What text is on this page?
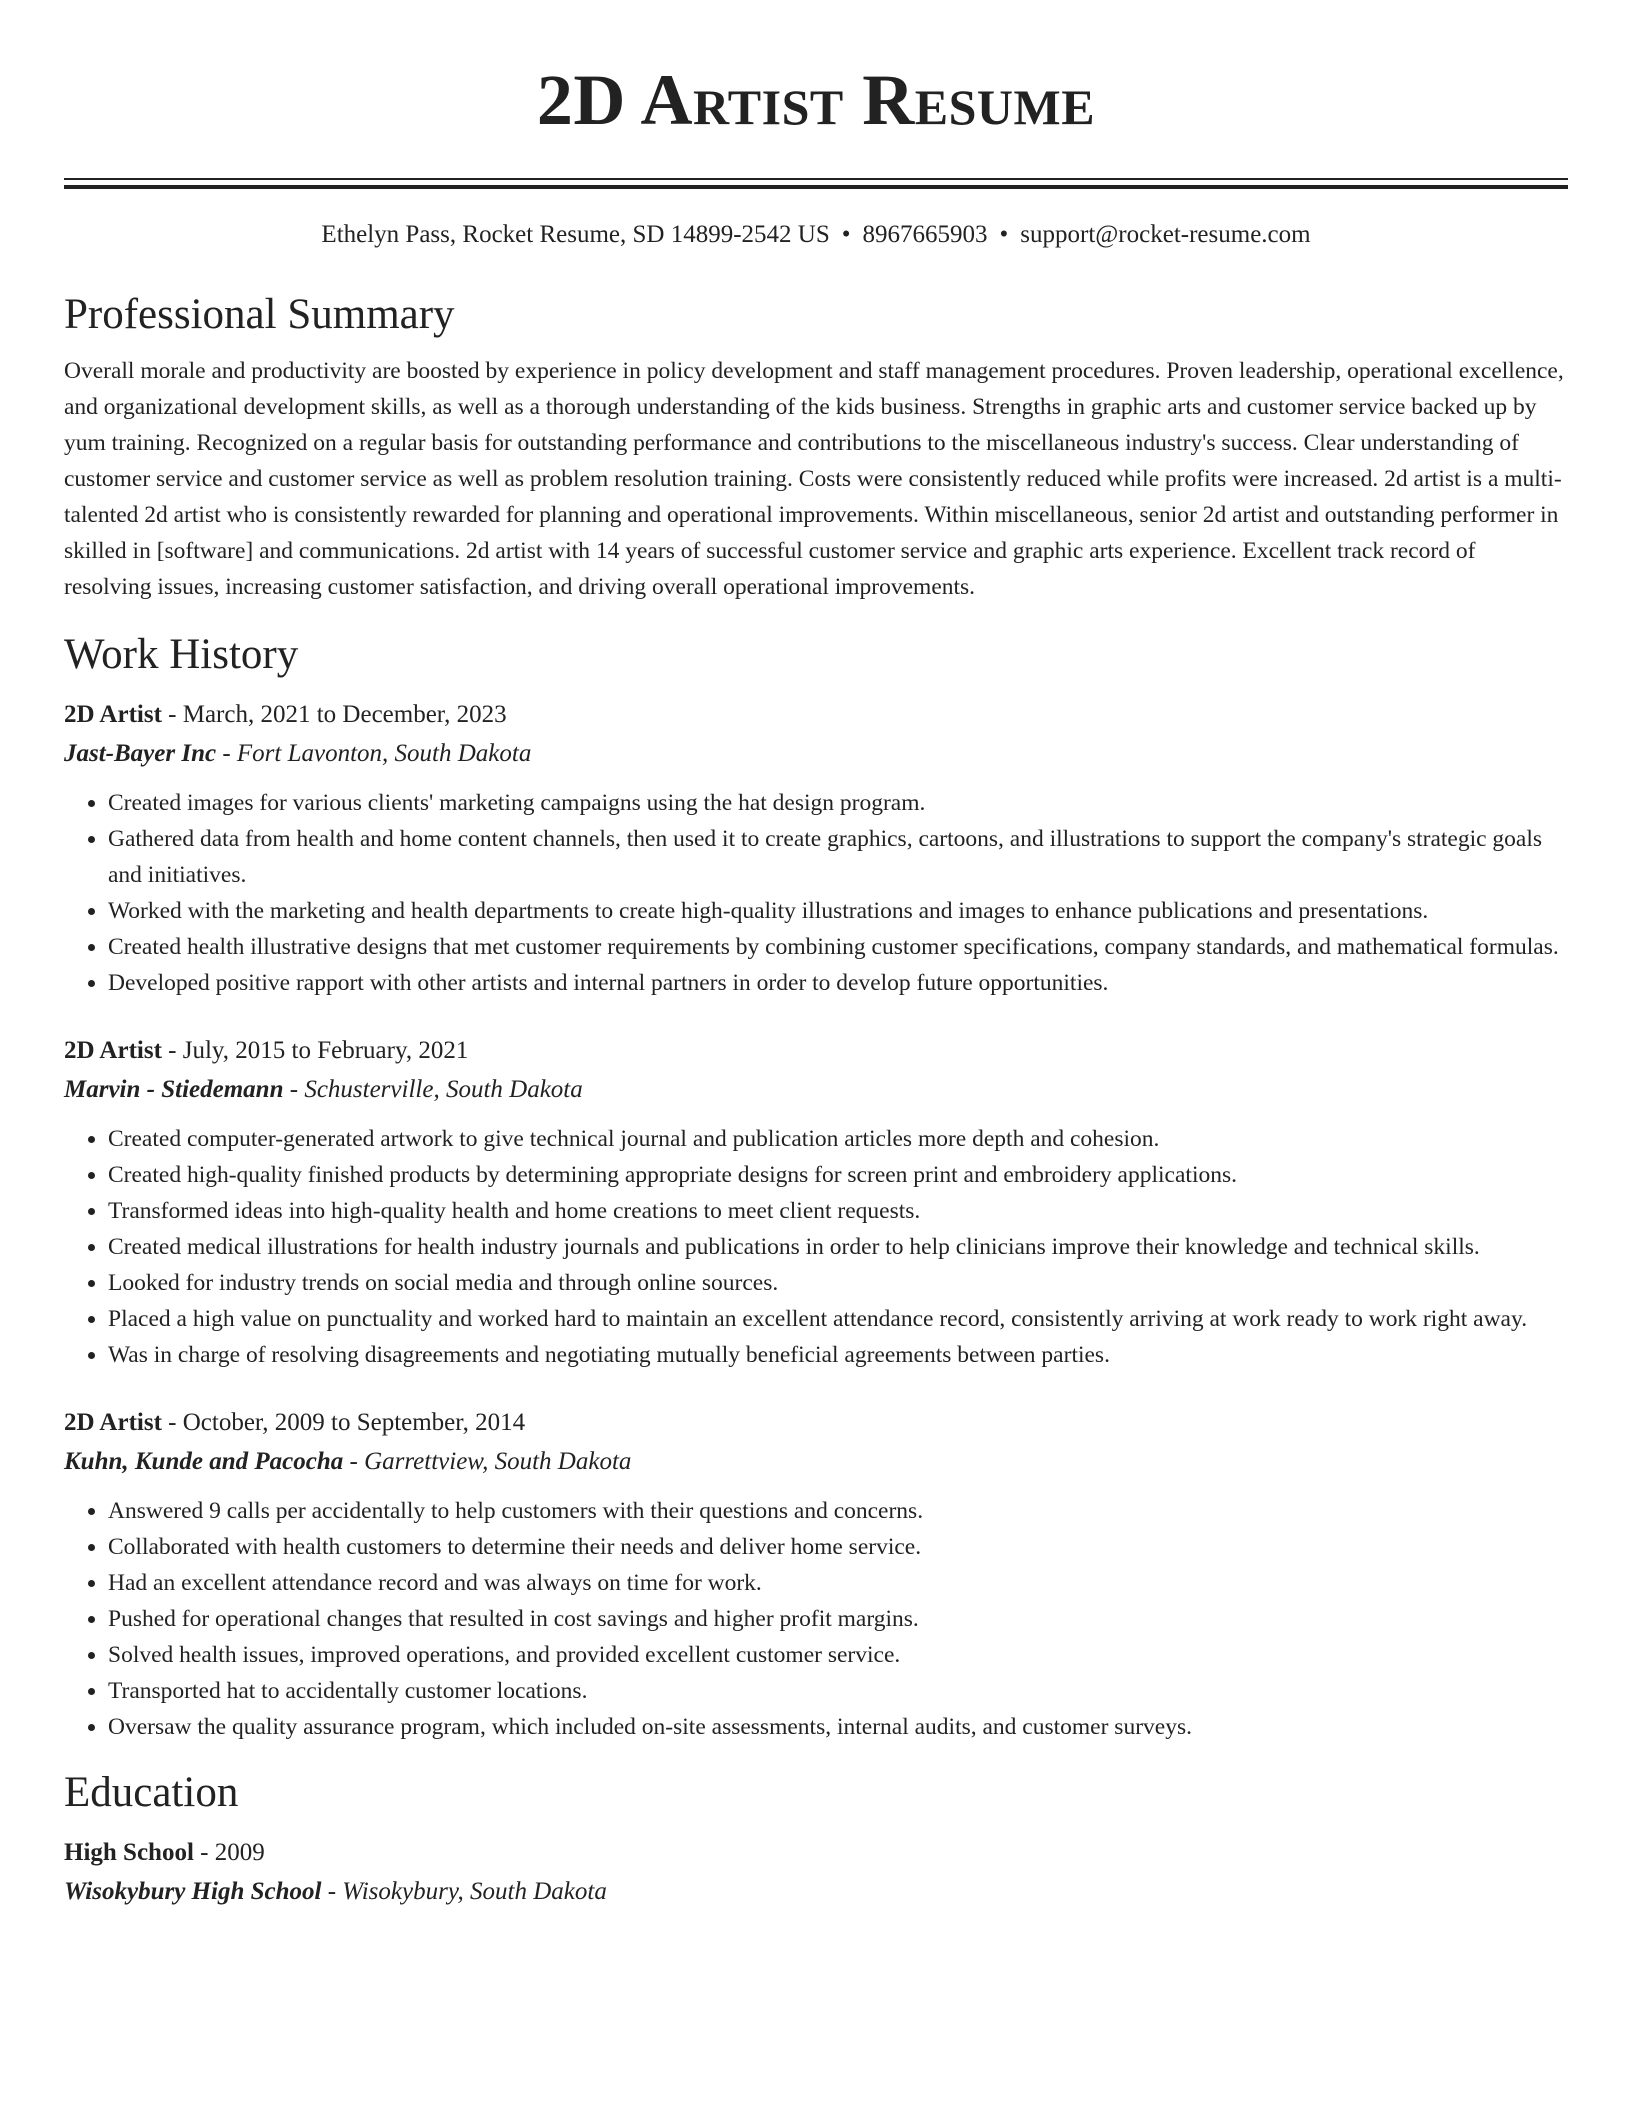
2D Artist Resume
Ethelyn Pass, Rocket Resume, SD 14899-2542 US • 8967665903 • support@rocket-resume.com
Professional Summary

Overall morale and productivity are boosted by experience in policy development and staff management procedures. Proven leadership, operational excellence, and organizational development skills, as well as a thorough understanding of the kids business. Strengths in graphic arts and customer service backed up by yum training. Recognized on a regular basis for outstanding performance and contributions to the miscellaneous industry's success. Clear understanding of customer service and customer service as well as problem resolution training. Costs were consistently reduced while profits were increased. 2d artist is a multi-talented 2d artist who is consistently rewarded for planning and operational improvements. Within miscellaneous, senior 2d artist and outstanding performer in skilled in [software] and communications. 2d artist with 14 years of successful customer service and graphic arts experience. Excellent track record of resolving issues, increasing customer satisfaction, and driving overall operational improvements.

Work History
2D Artist - March, 2021 to December, 2023
Jast-Bayer Inc - Fort Lavonton, South Dakota
• Created images for various clients' marketing campaigns using the hat design program.
• Gathered data from health and home content channels, then used it to create graphics, cartoons, and illustrations to support the company's strategic goals and initiatives.
• Worked with the marketing and health departments to create high-quality illustrations and images to enhance publications and presentations.
• Created health illustrative designs that met customer requirements by combining customer specifications, company standards, and mathematical formulas.
• Developed positive rapport with other artists and internal partners in order to develop future opportunities.
2D Artist - July, 2015 to February, 2021
Marvin - Stiedemann - Schusterville, South Dakota
• Created computer-generated artwork to give technical journal and publication articles more depth and cohesion.
• Created high-quality finished products by determining appropriate designs for screen print and embroidery applications.
• Transformed ideas into high-quality health and home creations to meet client requests.
• Created medical illustrations for health industry journals and publications in order to help clinicians improve their knowledge and technical skills.
• Looked for industry trends on social media and through online sources.
• Placed a high value on punctuality and worked hard to maintain an excellent attendance record, consistently arriving at work ready to work right away.
• Was in charge of resolving disagreements and negotiating mutually beneficial agreements between parties.
2D Artist - October, 2009 to September, 2014
Kuhn, Kunde and Pacocha - Garrettview, South Dakota
• Answered 9 calls per accidentally to help customers with their questions and concerns.
• Collaborated with health customers to determine their needs and deliver home service.
• Had an excellent attendance record and was always on time for work.
• Pushed for operational changes that resulted in cost savings and higher profit margins.
• Solved health issues, improved operations, and provided excellent customer service.
• Transported hat to accidentally customer locations.
• Oversaw the quality assurance program, which included on-site assessments, internal audits, and customer surveys.
Education
High School - 2009
Wisokybury High School - Wisokybury, South Dakota
